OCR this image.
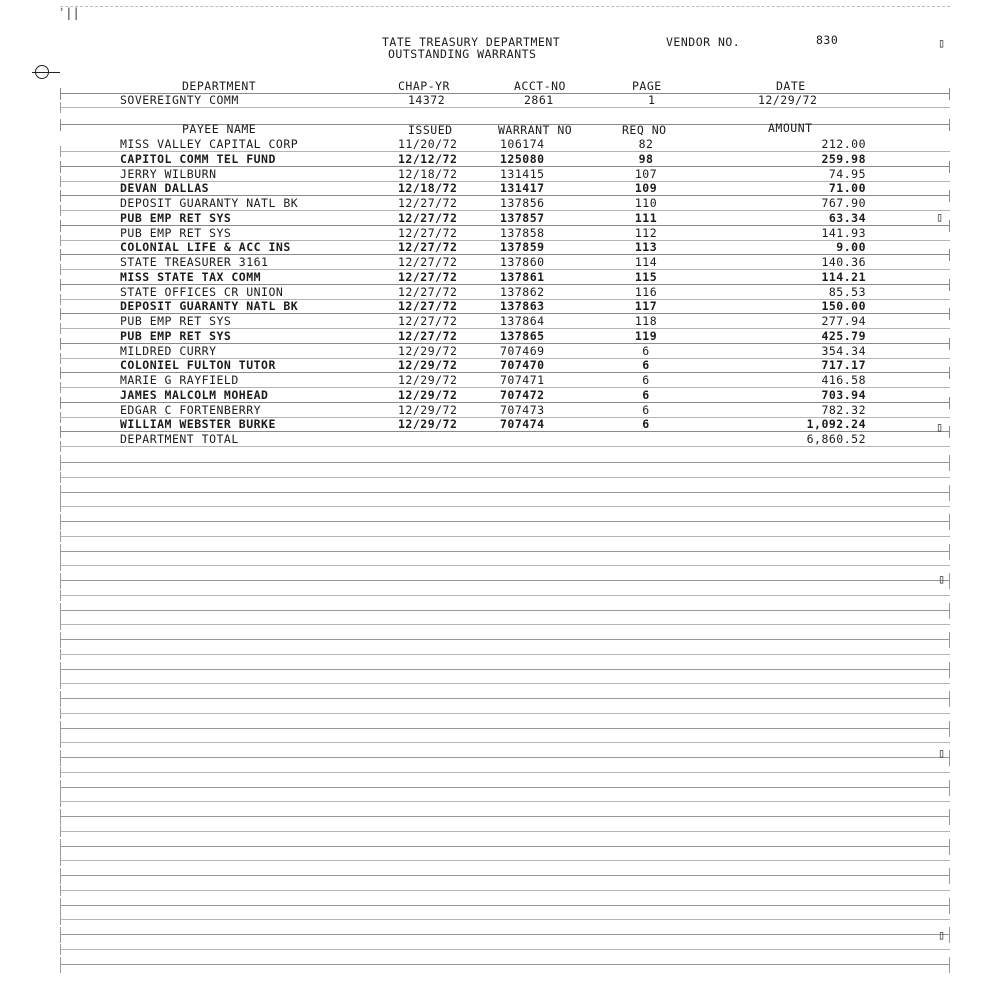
ʾ||
▯
TATE TREASURY DEPARTMENT
OUTSTANDING WARRANTS
VENDOR NO.	830
DEPARTMENT	CHAP-YR	ACCT-NO	PAGE	DATE
SOVEREIGNTY COMM	14372	2861	1	12/29/72
PAYEE NAME	ISSUED	WARRANT NO	REQ NO	AMOUNT
MISS VALLEY CAPITAL CORP	11/20/72	106174	82	212.00
CAPITOL COMM TEL FUND	12/12/72	125080	98	259.98
JERRY WILBURN	12/18/72	131415	107	74.95
DEVAN DALLAS	12/18/72	131417	109	71.00
DEPOSIT GUARANTY NATL BK	12/27/72	137856	110	767.90
PUB EMP RET SYS	12/27/72	137857	111	63.34
PUB EMP RET SYS	12/27/72	137858	112	141.93
COLONIAL LIFE & ACC INS	12/27/72	137859	113	9.00
STATE TREASURER 3161	12/27/72	137860	114	140.36
MISS STATE TAX COMM	12/27/72	137861	115	114.21
STATE OFFICES CR UNION	12/27/72	137862	116	85.53
DEPOSIT GUARANTY NATL BK	12/27/72	137863	117	150.00
PUB EMP RET SYS	12/27/72	137864	118	277.94
PUB EMP RET SYS	12/27/72	137865	119	425.79
MILDRED CURRY	12/29/72	707469	6	354.34
COLONIEL FULTON TUTOR	12/29/72	707470	6	717.17
MARIE G RAYFIELD	12/29/72	707471	6	416.58
JAMES MALCOLM MOHEAD	12/29/72	707472	6	703.94
EDGAR C FORTENBERRY	12/29/72	707473	6	782.32
WILLIAM WEBSTER BURKE	12/29/72	707474	6	1,092.24
DEPARTMENT TOTAL	6,860.52
▯
▯
▯
▯
▯
